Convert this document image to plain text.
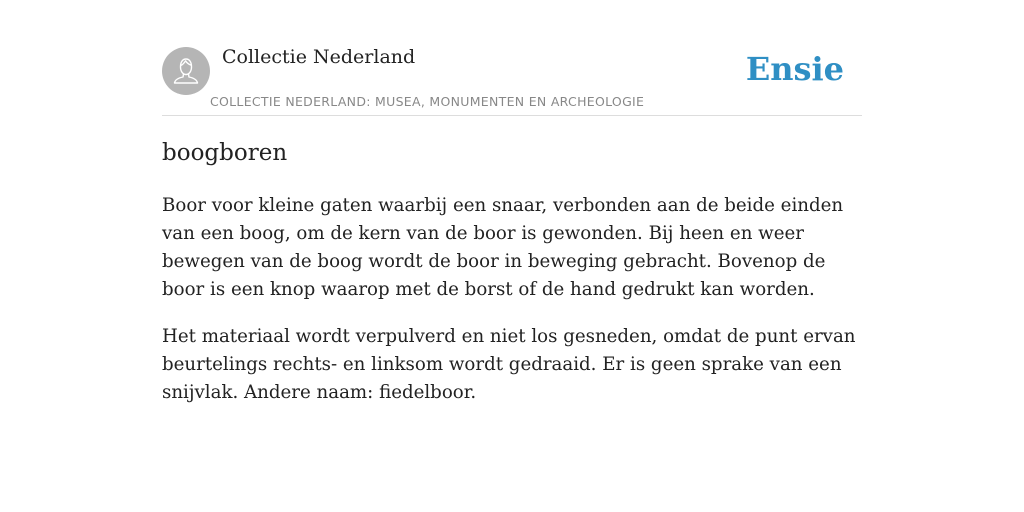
Collectie Nederland
COLLECTIE NEDERLAND: MUSEA, MONUMENTEN EN ARCHEOLOGIE
Ensie
boogboren

Boor voor kleine gaten waarbij een snaar, verbonden aan de beide einden van een boog, om de kern van de boor is gewonden. Bij heen en weer bewegen van de boog wordt de boor in beweging gebracht. Bovenop de boor is een knop waarop met de borst of de hand gedrukt kan worden.

Het materiaal wordt verpulverd en niet los gesneden, omdat de punt ervan beurtelings rechts- en linksom wordt gedraaid. Er is geen sprake van een snijvlak. Andere naam: fiedelboor.
